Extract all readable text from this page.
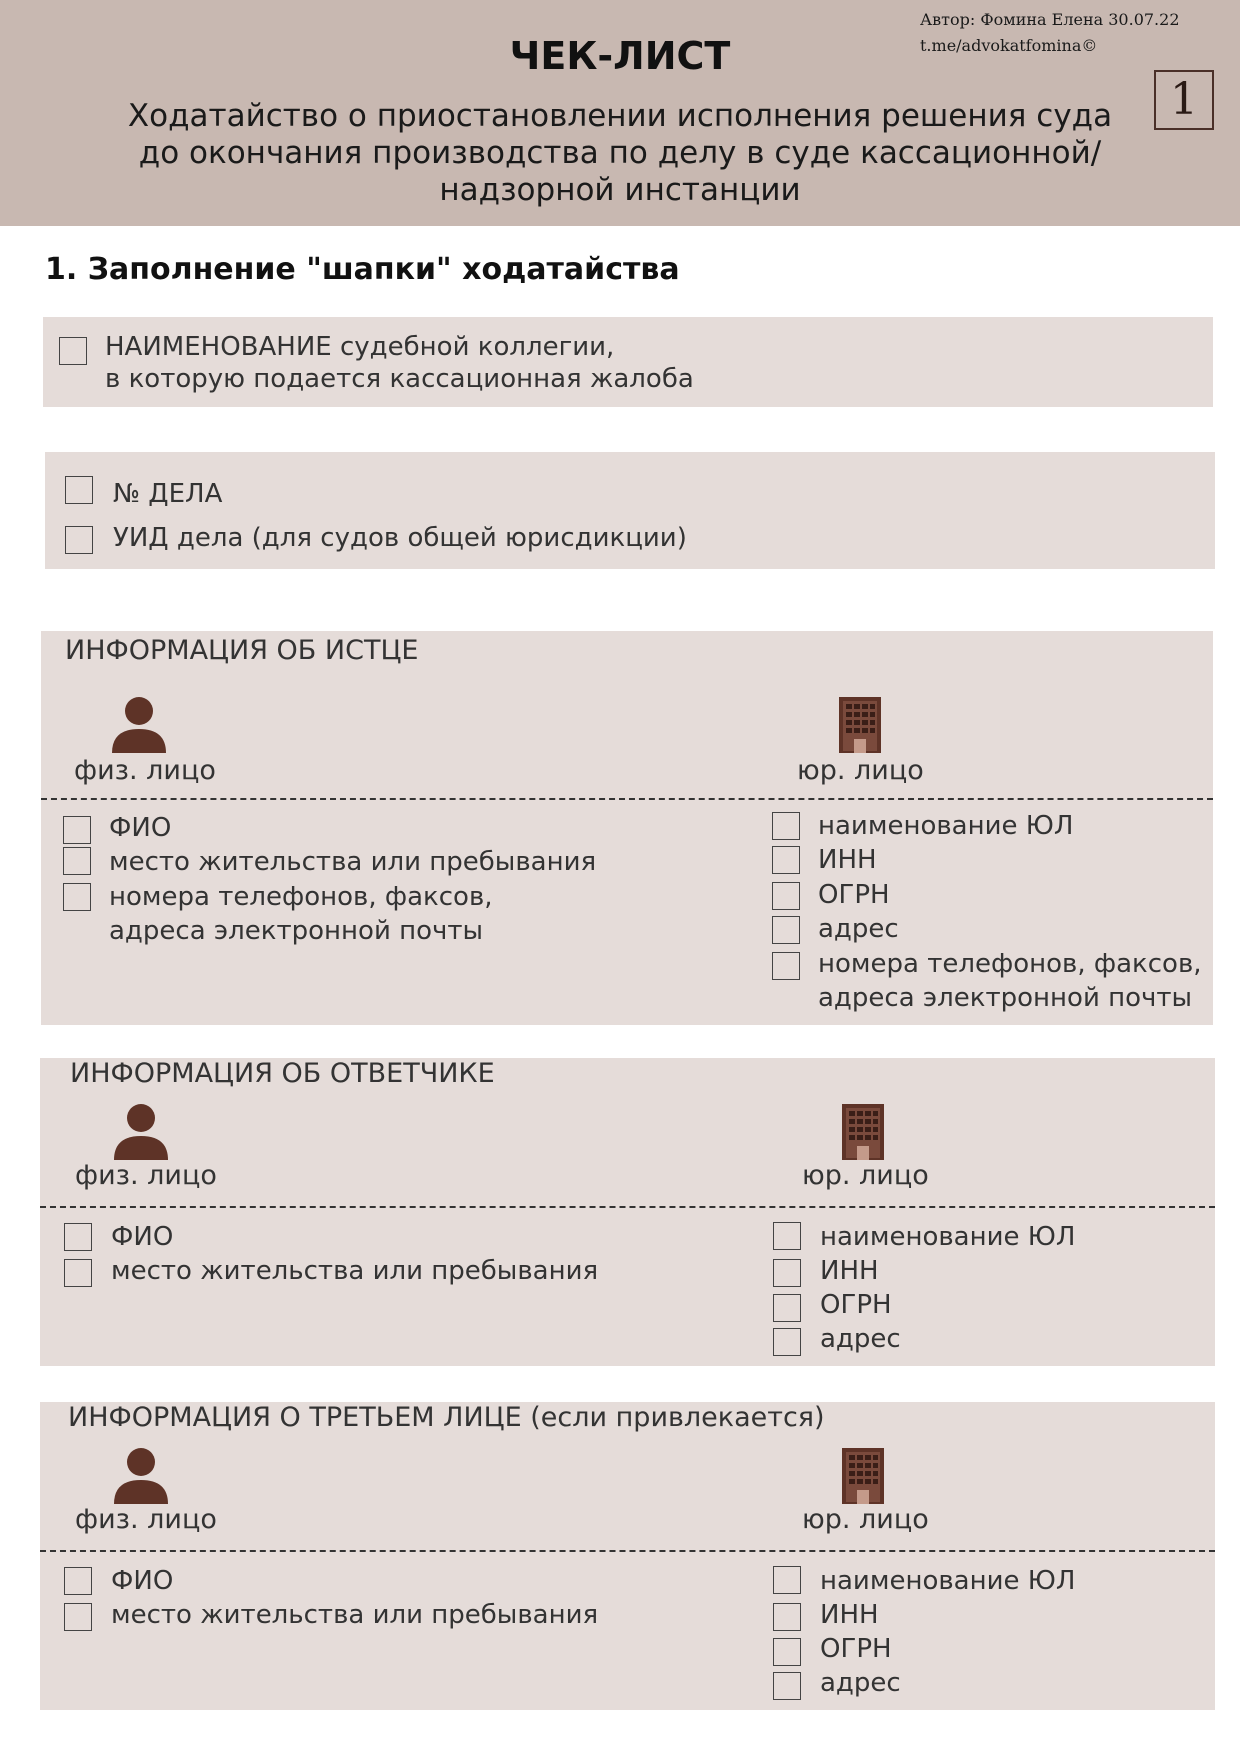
Автор: Фомина Елена 30.07.22
t.me/advokatfomina©
1
ЧЕК-ЛИСТ
Ходатайство о приостановлении исполнения решения суда
до окончания производства по делу в суде кассационной/
надзорной инстанции
1. Заполнение "шапки" ходатайства
НАИМЕНОВАНИЕ судебной коллегии,
в которую подается кассационная жалоба
№ ДЕЛА
УИД дела (для судов общей юрисдикции)
ИНФОРМАЦИЯ ОБ ИСТЦЕ
физ. лицо	юр. лицо
ФИО
место жительства или пребывания
номера телефонов, факсов,
адреса электронной почты
наименование ЮЛ
ИНН
ОГРН
адрес
номера телефонов, факсов,
адреса электронной почты
ИНФОРМАЦИЯ ОБ ОТВЕТЧИКЕ
физ. лицо	юр. лицо
ФИО
место жительства или пребывания
наименование ЮЛ
ИНН
ОГРН
адрес
ИНФОРМАЦИЯ О ТРЕТЬЕМ ЛИЦЕ (если привлекается)
физ. лицо	юр. лицо
ФИО
место жительства или пребывания
наименование ЮЛ
ИНН
ОГРН
адрес
